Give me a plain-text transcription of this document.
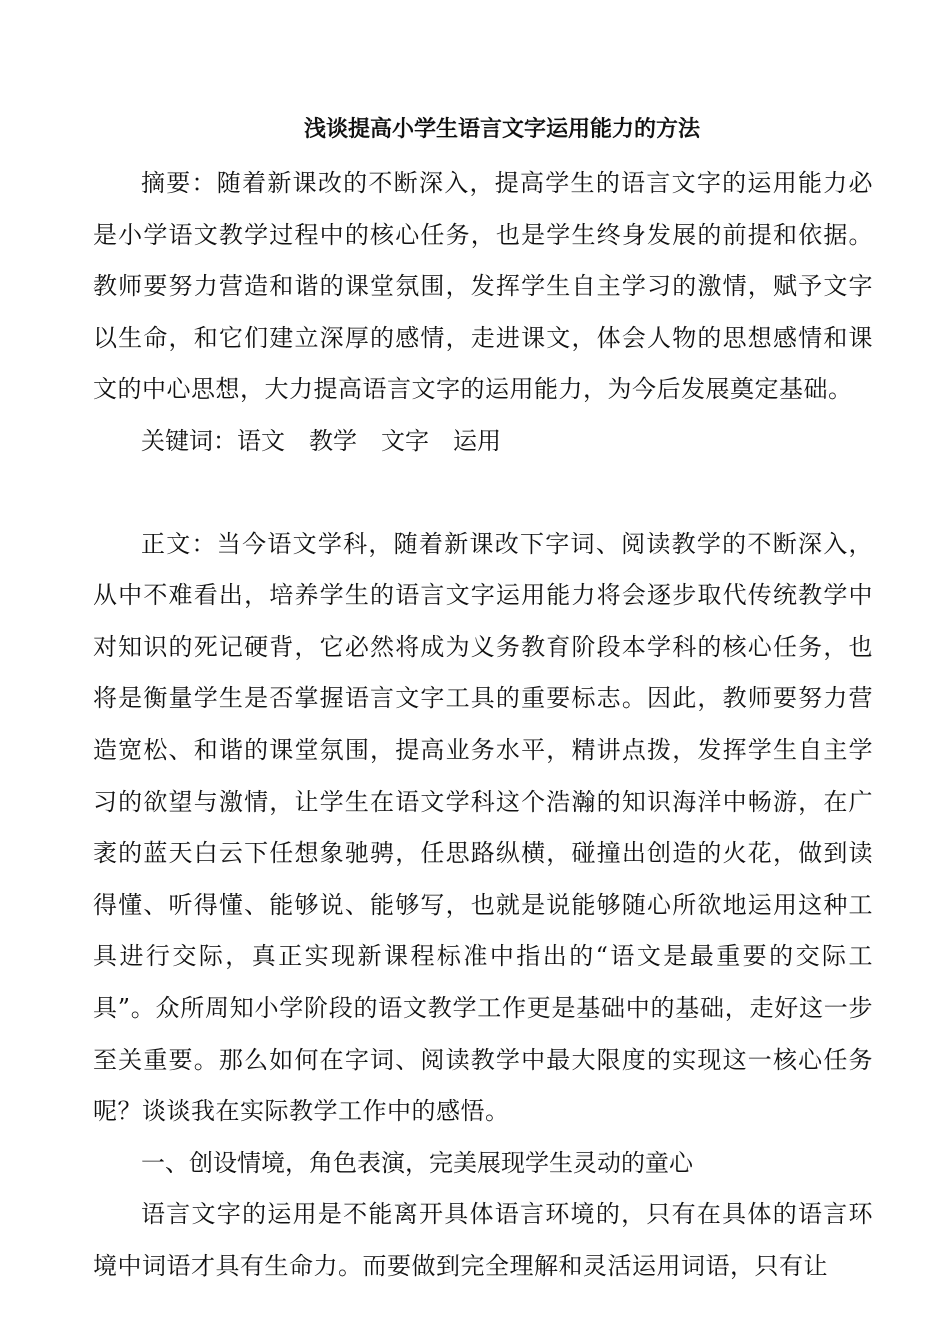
浅谈提高小学生语言文字运用能力的方法

摘要：随着新课改的不断深入，提高学生的语言文字的运用能力必是小学语文教学过程中的核心任务，也是学生终身发展的前提和依据。教师要努力营造和谐的课堂氛围，发挥学生自主学习的激情，赋予文字以生命，和它们建立深厚的感情，走进课文，体会人物的思想感情和课文的中心思想，大力提高语言文字的运用能力，为今后发展奠定基础。

关键词：语文　教学　文字　运用

正文：当今语文学科，随着新课改下字词、阅读教学的不断深入，从中不难看出，培养学生的语言文字运用能力将会逐步取代传统教学中对知识的死记硬背，它必然将成为义务教育阶段本学科的核心任务，也将是衡量学生是否掌握语言文字工具的重要标志。因此，教师要努力营造宽松、和谐的课堂氛围，提高业务水平，精讲点拨，发挥学生自主学习的欲望与激情，让学生在语文学科这个浩瀚的知识海洋中畅游，在广袤的蓝天白云下任想象驰骋，任思路纵横，碰撞出创造的火花，做到读得懂、听得懂、能够说、能够写，也就是说能够随心所欲地运用这种工具进行交际，真正实现新课程标准中指出的“语文是最重要的交际工具”。众所周知小学阶段的语文教学工作更是基础中的基础，走好这一步至关重要。那么如何在字词、阅读教学中最大限度的实现这一核心任务呢？谈谈我在实际教学工作中的感悟。

一、创设情境，角色表演，完美展现学生灵动的童心

语言文字的运用是不能离开具体语言环境的，只有在具体的语言环境中词语才具有生命力。而要做到完全理解和灵活运用词语，只有让
